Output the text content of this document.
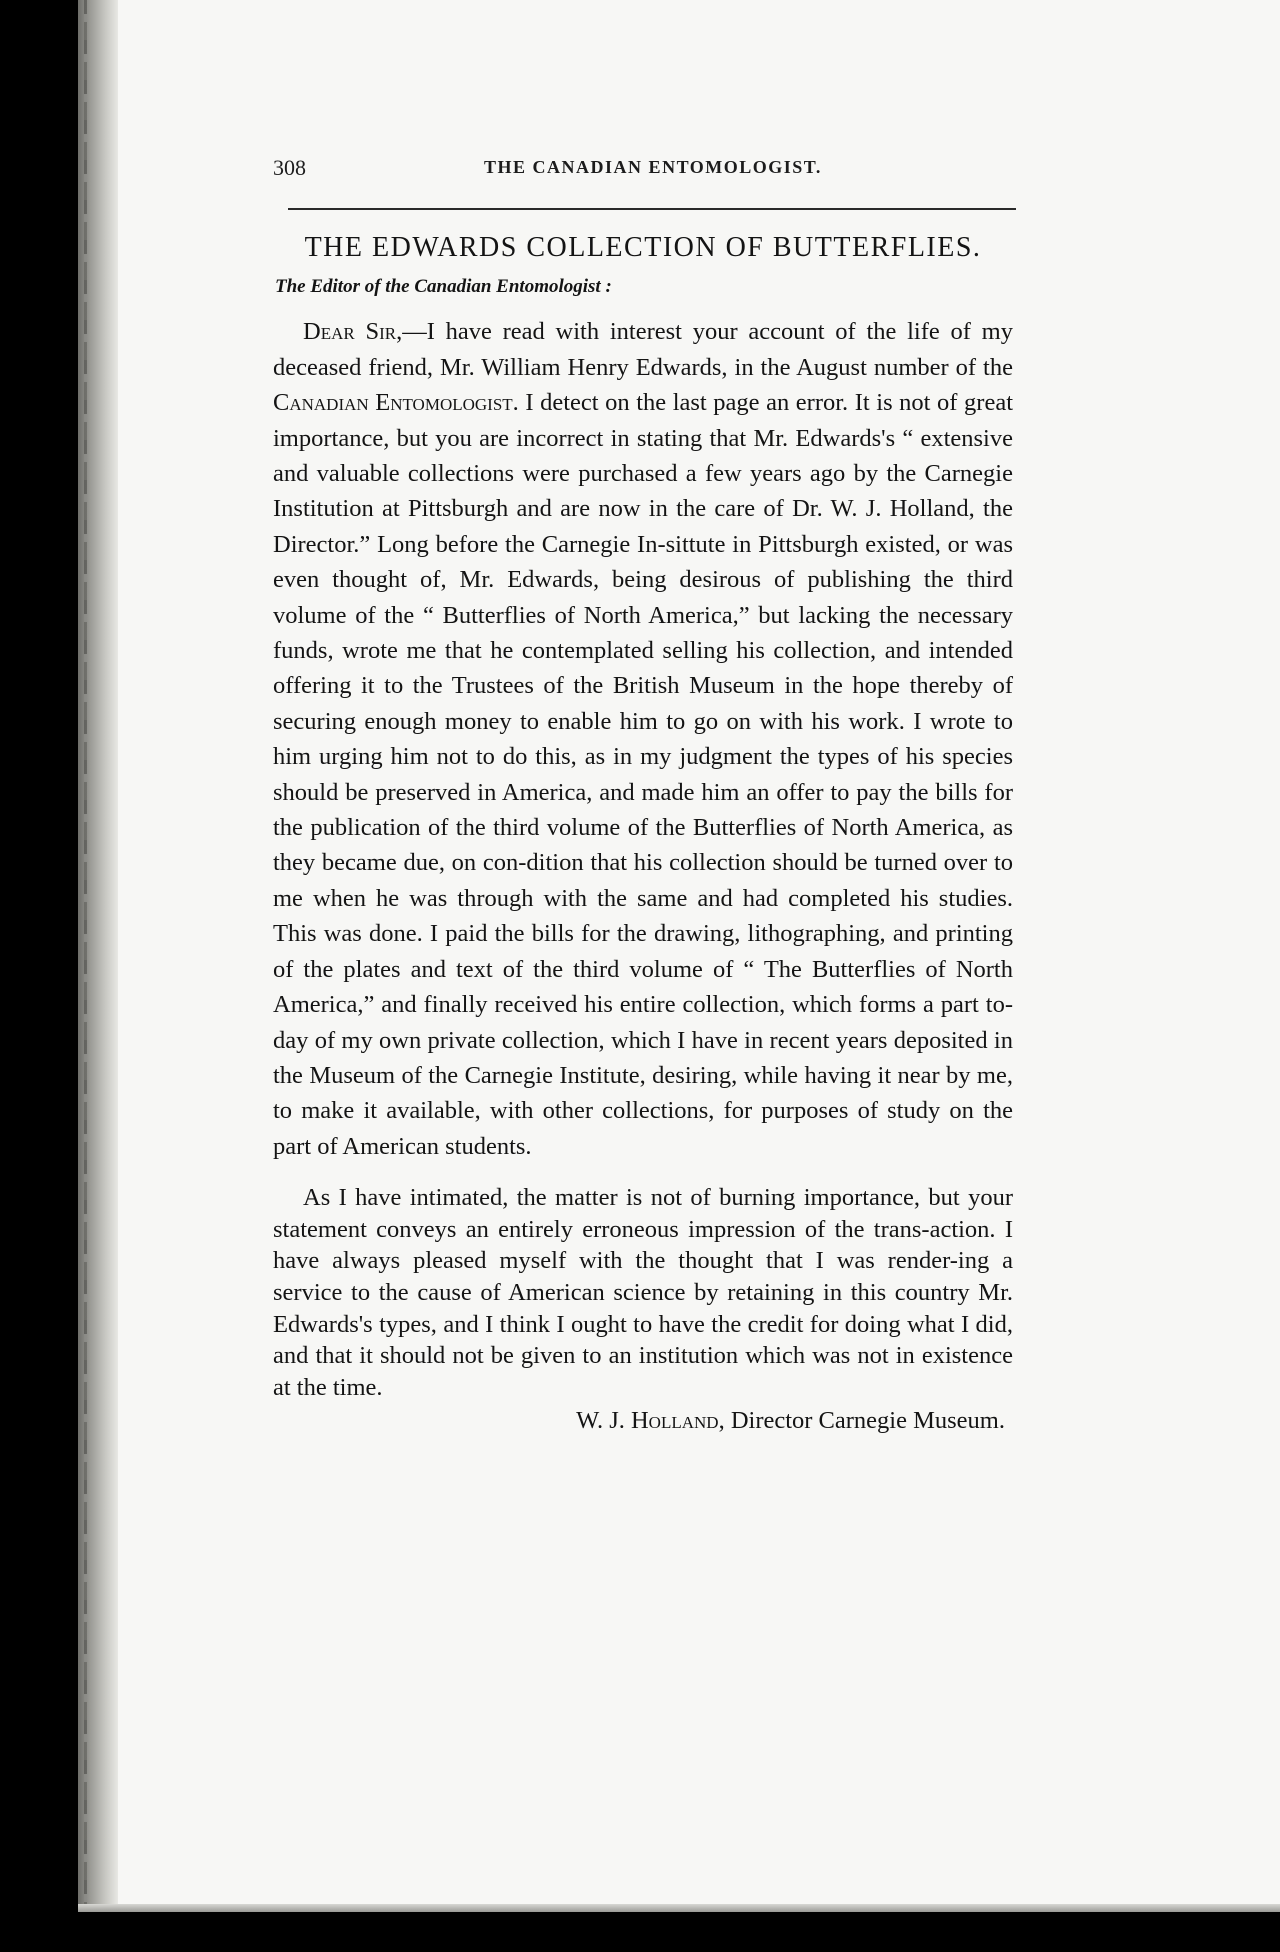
308	THE CANADIAN ENTOMOLOGIST.
THE EDWARDS COLLECTION OF BUTTERFLIES.
The Editor of the Canadian Entomologist :

Dear Sir,—I have read with interest your account of the life of my deceased friend, Mr. William Henry Edwards, in the August number of the Canadian Entomologist. I detect on the last page an error. It is not of great importance, but you are incorrect in stating that Mr. Edwards's “ extensive and valuable collections were purchased a few years ago by the Carnegie Institution at Pittsburgh and are now in the care of Dr. W. J. Holland, the Director.” Long before the Carnegie In-sittute in Pittsburgh existed, or was even thought of, Mr. Edwards, being desirous of publishing the third volume of the “ Butterflies of North America,” but lacking the necessary funds, wrote me that he contemplated selling his collection, and intended offering it to the Trustees of the British Museum in the hope thereby of securing enough money to enable him to go on with his work. I wrote to him urging him not to do this, as in my judgment the types of his species should be preserved in America, and made him an offer to pay the bills for the publication of the third volume of the Butterflies of North America, as they became due, on con-dition that his collection should be turned over to me when he was through with the same and had completed his studies. This was done. I paid the bills for the drawing, lithographing, and printing of the plates and text of the third volume of “ The Butterflies of North America,” and finally received his entire collection, which forms a part to-day of my own private collection, which I have in recent years deposited in the Museum of the Carnegie Institute, desiring, while having it near by me, to make it available, with other collections, for purposes of study on the part of American students.

As I have intimated, the matter is not of burning importance, but your statement conveys an entirely erroneous impression of the trans-action. I have always pleased myself with the thought that I was render-ing a service to the cause of American science by retaining in this country Mr. Edwards's types, and I think I ought to have the credit for doing what I did, and that it should not be given to an institution which was not in existence at the time.

W. J. Holland, Director Carnegie Museum.
